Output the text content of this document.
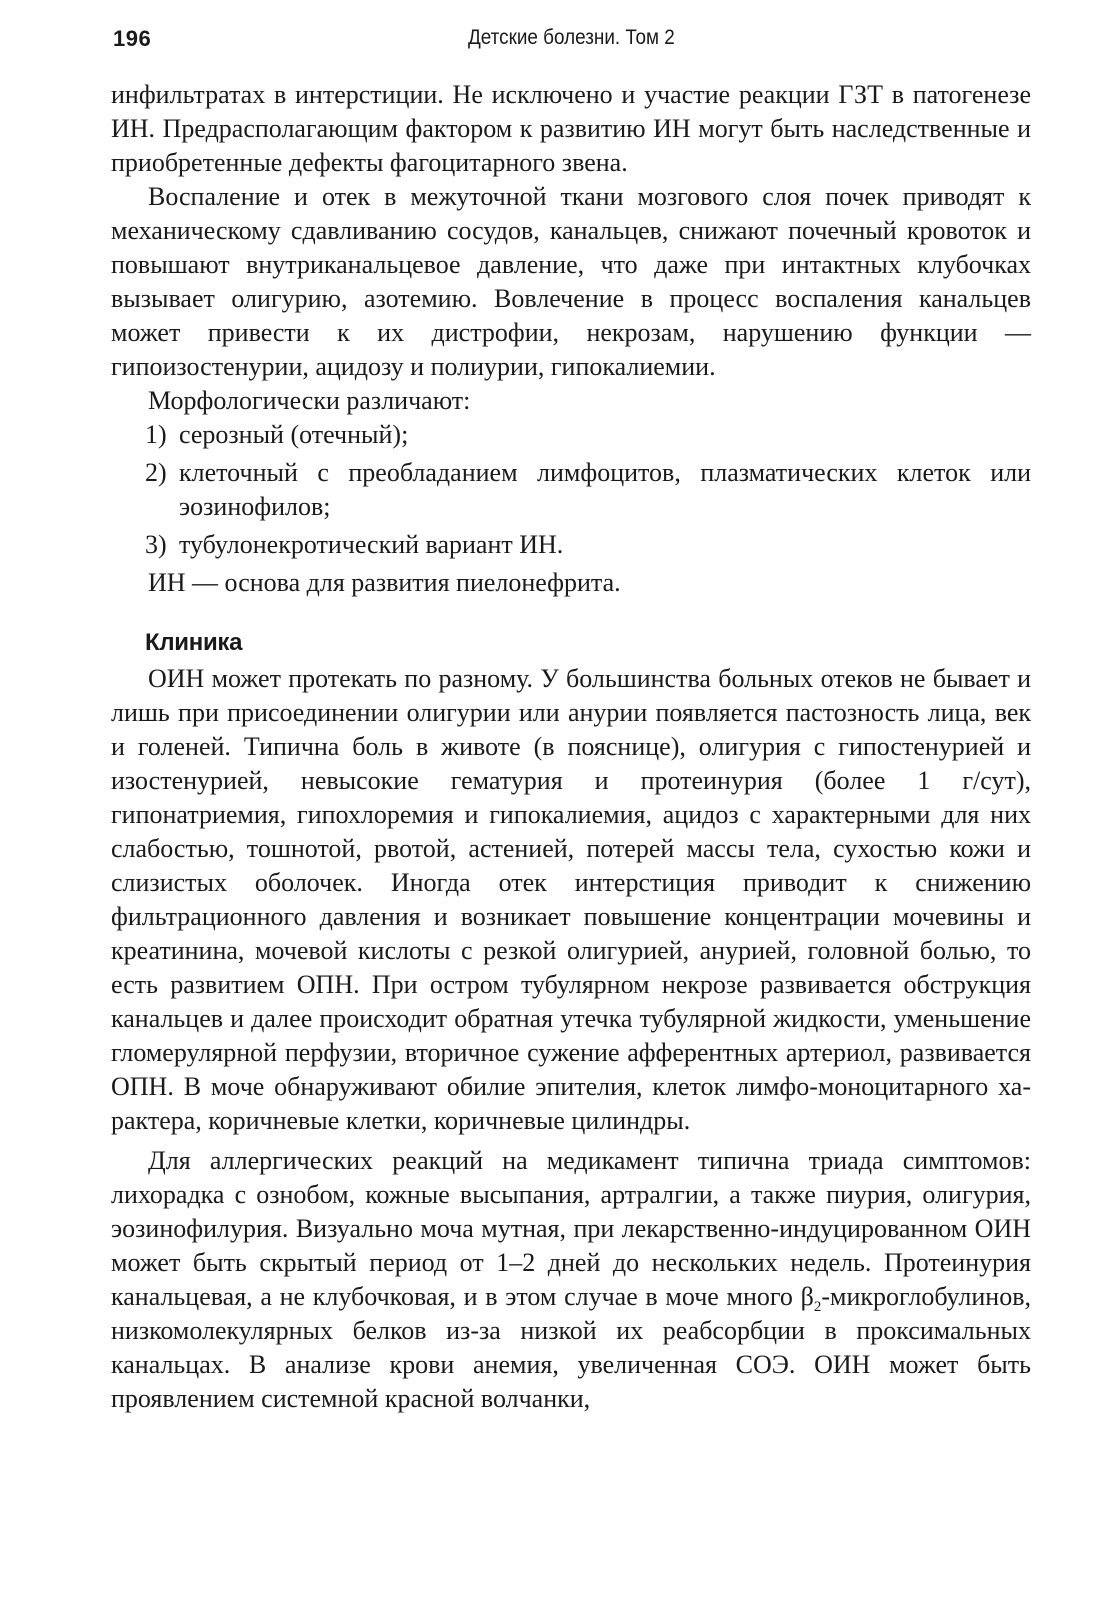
196	Детские болезни. Том 2

инфильтратах в интерстиции. Не исключено и участие реакции ГЗТ в патогенезе ИН. Предрасполагающим фактором к развитию ИН могут быть наследственные и приобретенные дефекты фагоцитарного звена.

Воспаление и отек в межуточной ткани мозгового слоя почек приводят к механическому сдавливанию сосудов, канальцев, снижают почечный кровоток и повышают внутриканальцевое давление, что даже при интактных клубочках вызывает олигурию, азотемию. Вовлечение в процесс воспаления канальцев может привести к их дистрофии, некрозам, нарушению функции — гипоизостенурии, ацидозу и полиурии, гипокалиемии.

Морфологически различают:

1) серозный (отечный);
2) клеточный с преобладанием лимфоцитов, плазматических клеток или эозинофилов;
3) тубулонекротический вариант ИН.

ИН — основа для развития пиелонефрита.

Клиника

ОИН может протекать по разному. У большинства больных отеков не бывает и лишь при присоединении олигурии или анурии появляется пастозность лица, век и голеней. Типична боль в животе (в пояснице), олигурия с гипостенурией и изостенурией, невысокие гематурия и протеинурия (более 1 г/сут), гипонатриемия, гипохлоремия и гипокалиемия, ацидоз с характерными для них слабостью, тошнотой, рвотой, астенией, потерей массы тела, сухостью кожи и слизистых оболочек. Иногда отек интерстиция приводит к снижению фильтрационного давления и возникает повышение концентрации мочевины и креатинина, мочевой кислоты с резкой олигурией, анурией, головной болью, то есть развитием ОПН. При остром тубулярном некрозе развивается обструкция канальцев и далее происходит обратная утечка тубулярной жидкости, уменьшение гломерулярной перфузии, вторичное сужение афферентных артериол, развивается ОПН. В моче обнаруживают обилие эпителия, клеток лимфо-моноцитарного характера, коричневые клетки, коричневые цилиндры.

Для аллергических реакций на медикамент типична триада симптомов: лихорадка с ознобом, кожные высыпания, артралгии, а также пиурия, олигурия, эозинофилурия. Визуально моча мутная, при лекарственно-индуцированном ОИН может быть скрытый период от 1–2 дней до нескольких недель. Протеинурия канальцевая, а не клубочковая, и в этом случае в моче много $\beta_2$-микроглобулинов, низкомолекулярных белков из-за низкой их реабсорбции в проксимальных канальцах. В анализе крови анемия, увеличенная СОЭ. ОИН может быть проявлением системной красной волчанки,
